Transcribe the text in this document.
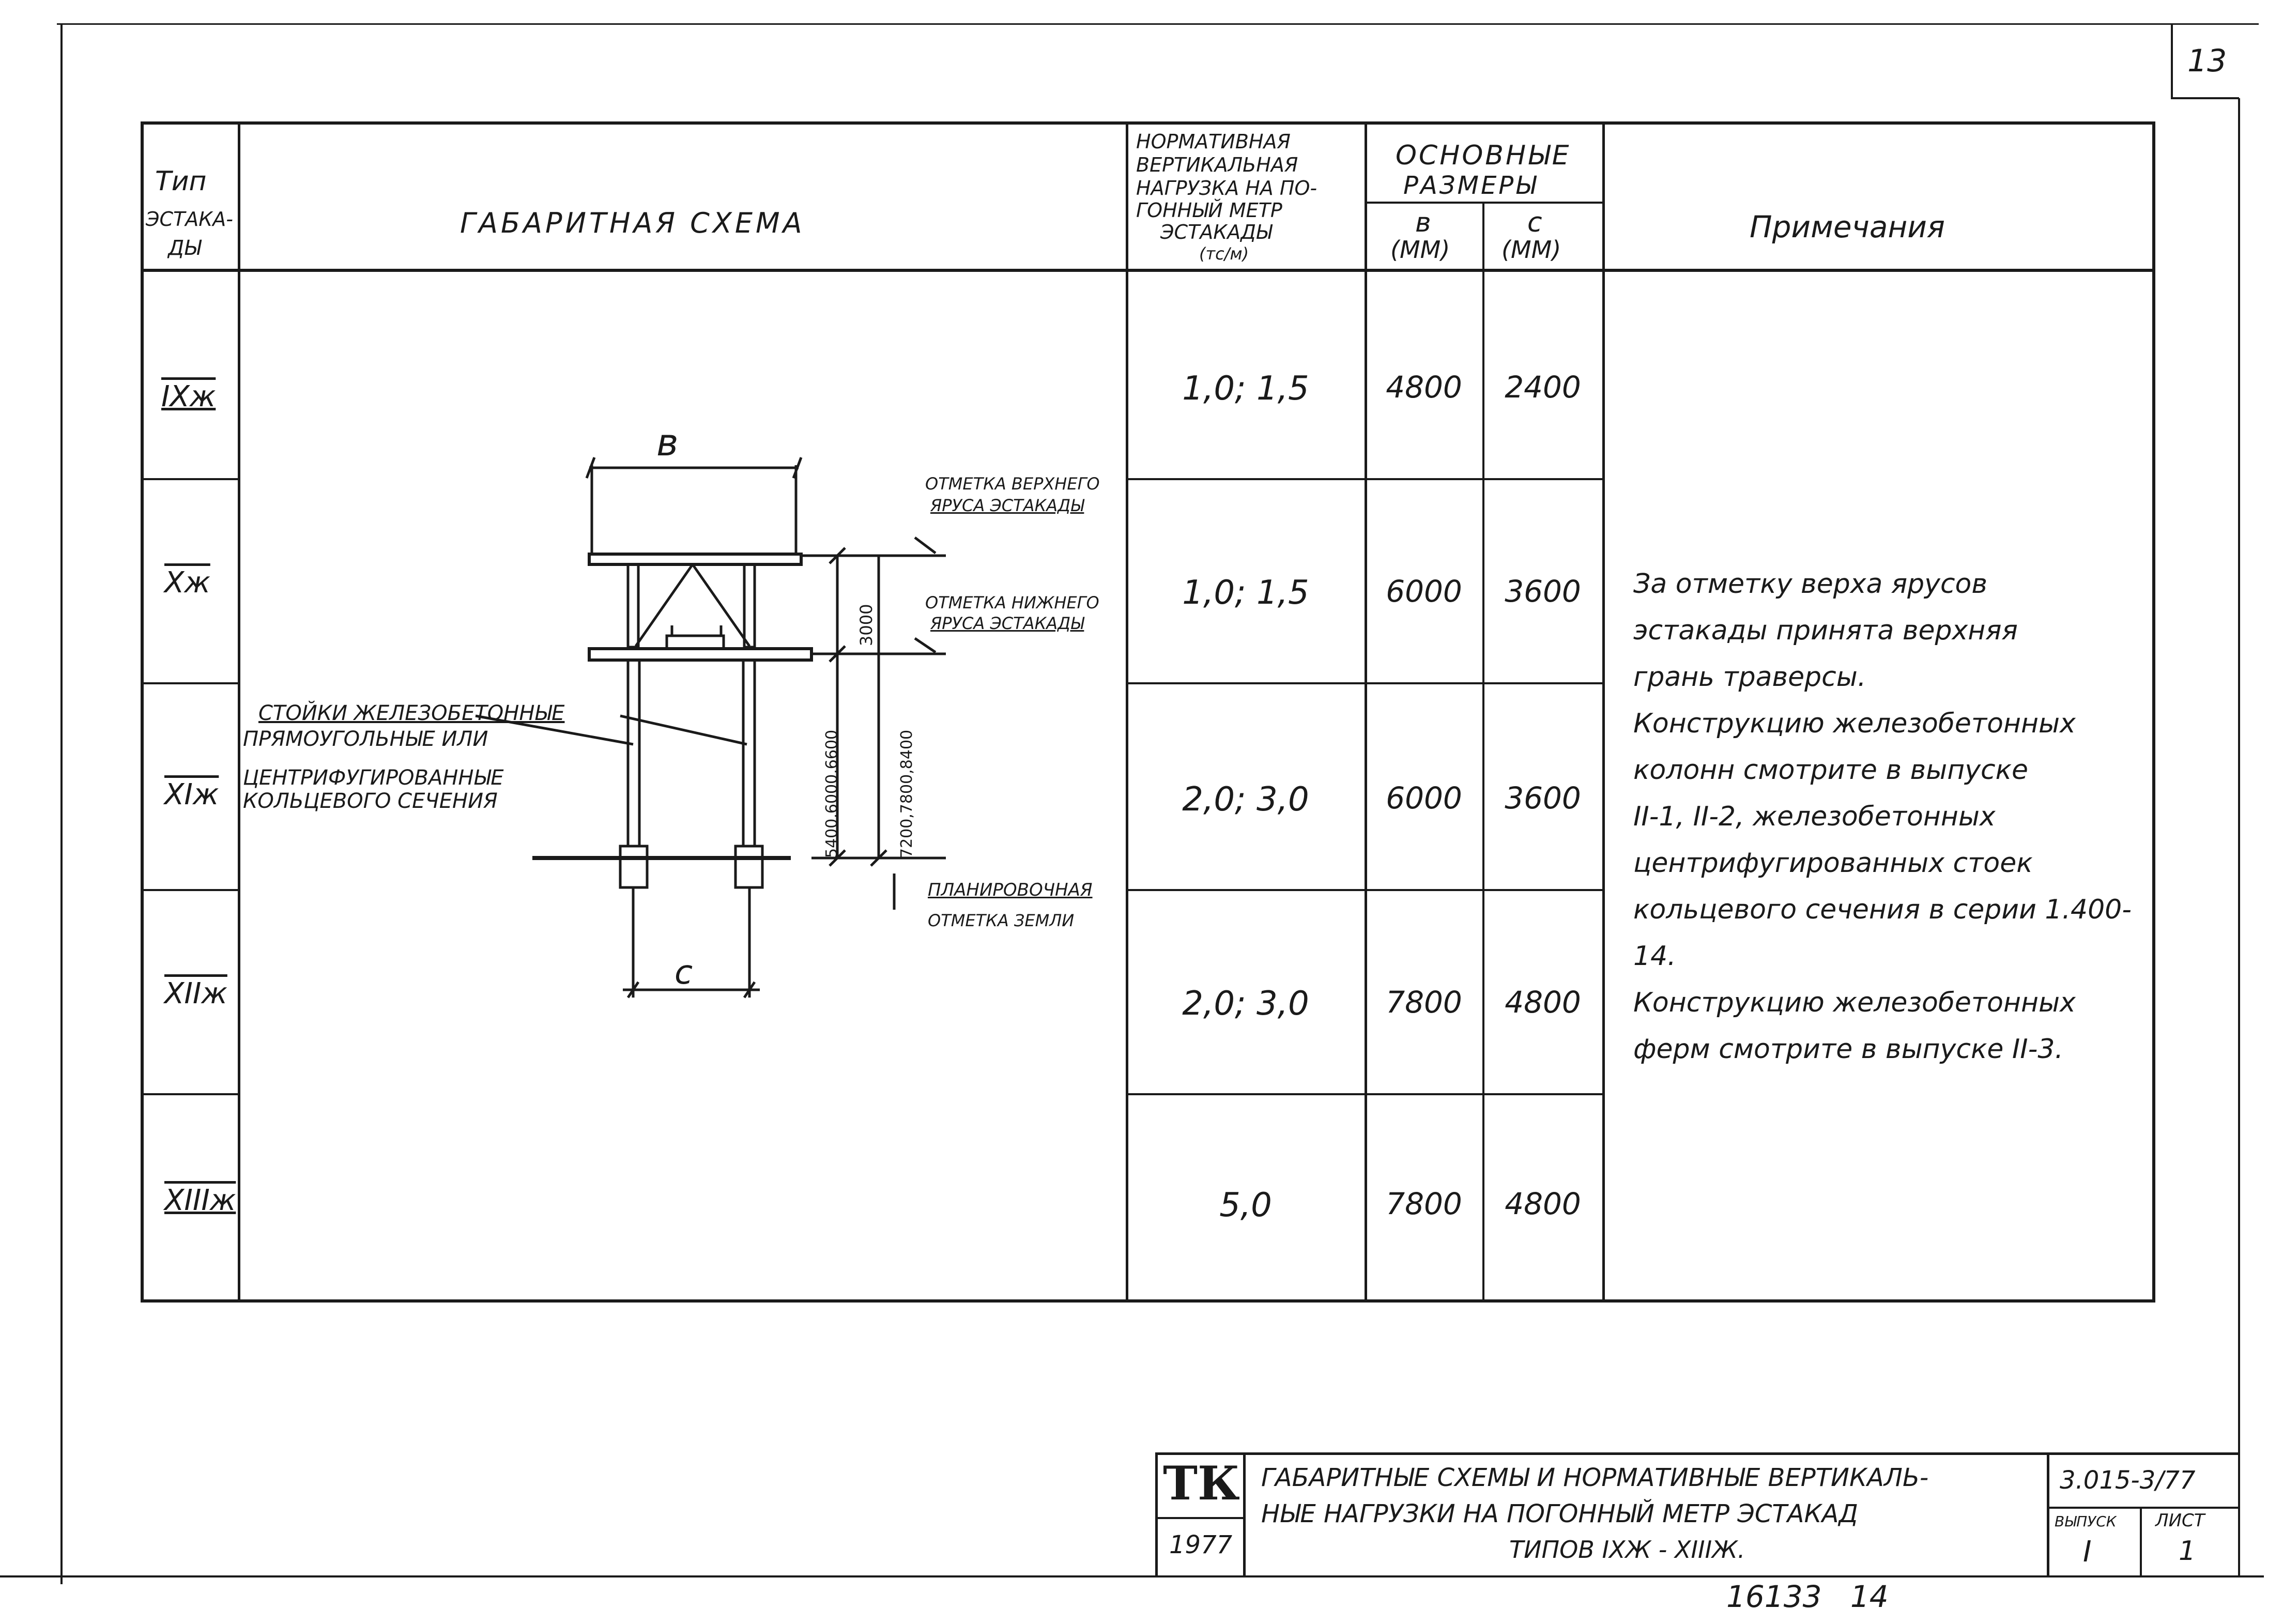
13
Тип
ЭСТАКА-
ДЫ
ГАБАРИТНАЯ СХЕМА
НОРМАТИВНАЯ
ВЕРТИКАЛЬНАЯ
НАГРУЗКА НА ПО-
ГОННЫЙ МЕТР
ЭСТАКАДЫ
(тс/м)
ОСНОВНЫЕ
РАЗМЕРЫ
в
(ММ)
с
(ММ)
Примечания
IXж
Xж
XIж
XIIж
XIIIж
1,0; 1,5
1,0; 1,5
2,0; 3,0
2,0; 3,0
5,0
4800
6000
6000
7800
7800
2400
3600
3600
4800
4800
За отметку верха ярусов
эстакады принята верхняя
грань траверсы.
Конструкцию железобетонных
колонн смотрите в выпуске
II-1, II-2, железобетонных
центрифугированных стоек
кольцевого сечения в серии 1.400-14.
Конструкцию железобетонных
ферм смотрите в выпуске II-3.
в
с
3000
5400,6000,6600	7200,7800,8400
ОТМЕТКА ВЕРХНЕГО
ЯРУСА ЭСТАКАДЫ
ОТМЕТКА НИЖНЕГО
ЯРУСА ЭСТАКАДЫ
ПЛАНИРОВОЧНАЯ
ОТМЕТКА ЗЕМЛИ
СТОЙКИ ЖЕЛЕЗОБЕТОННЫЕ
ПРЯМОУГОЛЬНЫЕ ИЛИ
ЦЕНТРИФУГИРОВАННЫЕ
КОЛЬЦЕВОГО СЕЧЕНИЯ
ТК
1977
ГАБАРИТНЫЕ СХЕМЫ И НОРМАТИВНЫЕ ВЕРТИКАЛЬ-
НЫЕ НАГРУЗКИ НА ПОГОННЫЙ МЕТР ЭСТАКАД
ТИПОВ IXЖ - XIIIЖ.
3.015-3/77
ВЫПУСК
I
ЛИСТ
1
16133   14
